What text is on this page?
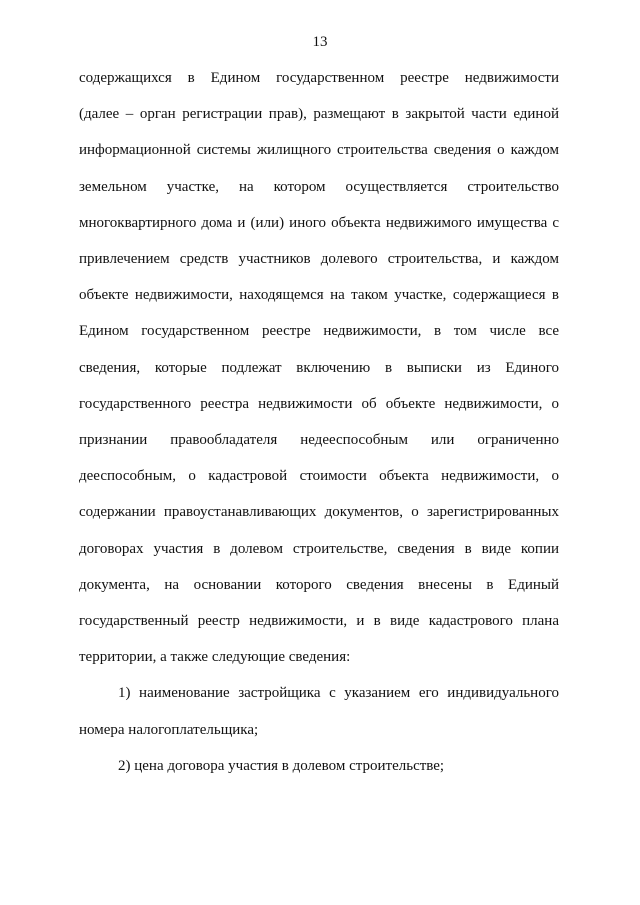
13
содержащихся в Едином государственном реестре недвижимости
(далее – орган регистрации прав), размещают в закрытой части единой
информационной системы жилищного строительства сведения о каждом
земельном участке, на котором осуществляется строительство
многоквартирного дома и (или) иного объекта недвижимого имущества с
привлечением средств участников долевого строительства, и каждом
объекте недвижимости, находящемся на таком участке, содержащиеся в
Едином государственном реестре недвижимости, в том числе все
сведения, которые подлежат включению в выписки из Единого
государственного реестра недвижимости об объекте недвижимости, о
признании правообладателя недееспособным или ограниченно
дееспособным, о кадастровой стоимости объекта недвижимости, о
содержании правоустанавливающих документов, о зарегистрированных
договорах участия в долевом строительстве, сведения в виде копии
документа, на основании которого сведения внесены в Единый
государственный реестр недвижимости, и в виде кадастрового плана
территории, а также следующие сведения:
1) наименование застройщика с указанием его индивидуального
номера налогоплательщика;
2) цена договора участия в долевом строительстве;
